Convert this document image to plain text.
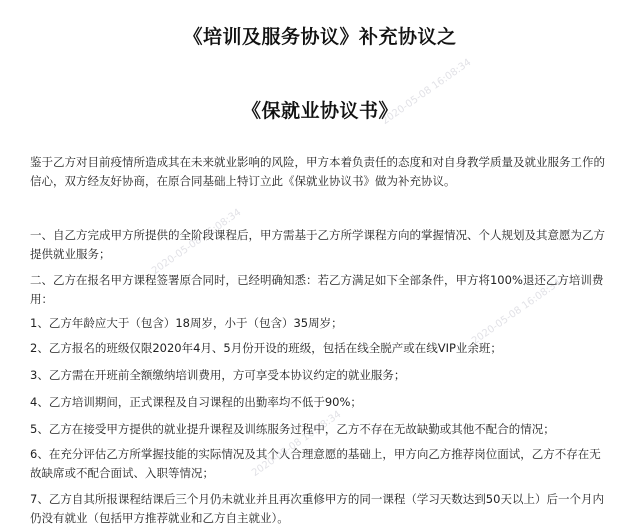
《培训及服务协议》补充协议之
《保就业协议书》
鉴于乙方对目前疫情所造成其在未来就业影响的风险，甲方本着负责任的态度和对自身教学质量及就业服务工作的
信心，双方经友好协商，在原合同基础上特订立此《保就业协议书》做为补充协议。
一、自乙方完成甲方所提供的全阶段课程后，甲方需基于乙方所学课程方向的掌握情况、个人规划及其意愿为乙方
提供就业服务；
二、乙方在报名甲方课程签署原合同时，已经明确知悉：若乙方满足如下全部条件，甲方将100%退还乙方培训费
用：
1、乙方年龄应大于（包含）18周岁，小于（包含）35周岁；
2、乙方报名的班级仅限2020年4月、5月份开设的班级，包括在线全脱产或在线VIP业余班；
3、乙方需在开班前全额缴纳培训费用，方可享受本协议约定的就业服务；
4、乙方培训期间，正式课程及自习课程的出勤率均不低于90%；
5、乙方在接受甲方提供的就业提升课程及训练服务过程中，乙方不存在无故缺勤或其他不配合的情况；
6、在充分评估乙方所掌握技能的实际情况及其个人合理意愿的基础上，甲方向乙方推荐岗位面试，乙方不存在无
故缺席或不配合面试、入职等情况；
7、乙方自其所报课程结课后三个月仍未就业并且再次重修甲方的同一课程（学习天数达到50天以上）后一个月内
仍没有就业（包括甲方推荐就业和乙方自主就业）。
2020-05-08 16:08:34
2020-05-08 16:08:34
2020-05-08 16:08:34
2020-05-08 16:08:34
